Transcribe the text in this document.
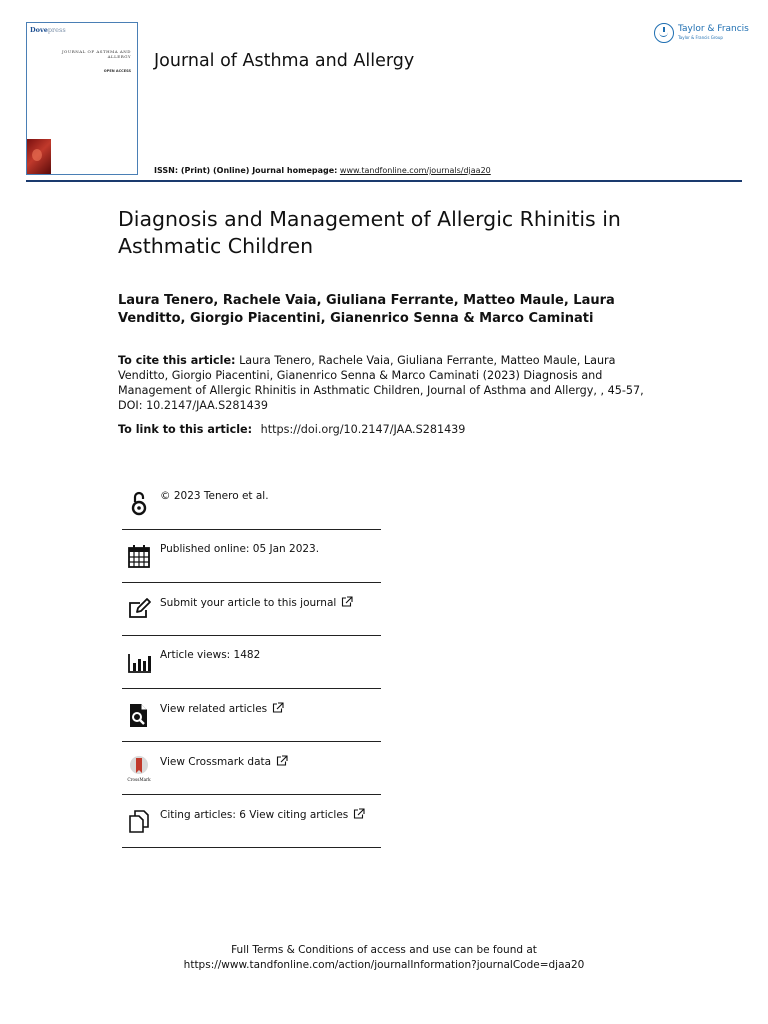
Dovepress
JOURNAL OF ASTHMA AND ALLERGY
OPEN ACCESS Journal of Asthma and Allergy
ISSN: (Print) (Online) Journal homepage: www.tandfonline.com/journals/djaa20
Taylor & Francis
Taylor & Francis Group
Diagnosis and Management of Allergic Rhinitis in Asthmatic Children
Laura Tenero, Rachele Vaia, Giuliana Ferrante, Matteo Maule, Laura Venditto, Giorgio Piacentini, Gianenrico Senna & Marco Caminati
To cite this article: Laura Tenero, Rachele Vaia, Giuliana Ferrante, Matteo Maule, Laura Venditto, Giorgio Piacentini, Gianenrico Senna & Marco Caminati (2023) Diagnosis and Management of Allergic Rhinitis in Asthmatic Children, Journal of Asthma and Allergy, , 45-57, DOI: 10.2147/JAA.S281439
To link to this article: https://doi.org/10.2147/JAA.S281439
© 2023 Tenero et al.
Published online: 05 Jan 2023.
Submit your article to this journal
Article views: 1482
View related articles
CrossMark
View Crossmark data
Citing articles: 6 View citing articles
Full Terms & Conditions of access and use can be found at
https://www.tandfonline.com/action/journalInformation?journalCode=djaa20
